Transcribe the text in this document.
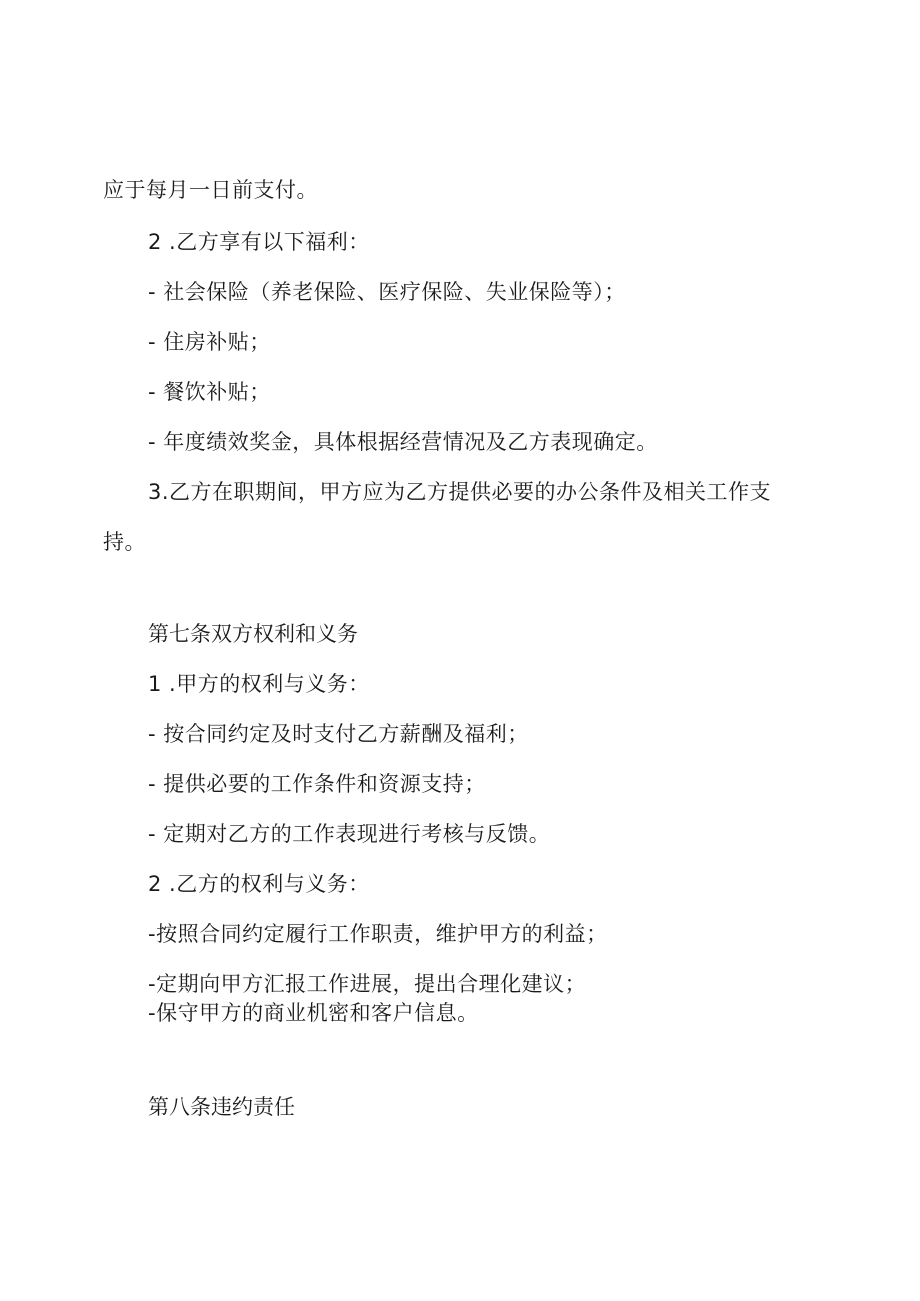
应于每月一日前支付。
2 .乙方享有以下福利：
- 社会保险（养老保险、医疗保险、失业保险等）；
- 住房补贴；
- 餐饮补贴；
- 年度绩效奖金，具体根据经营情况及乙方表现确定。
3.乙方在职期间，甲方应为乙方提供必要的办公条件及相关工作支
持。
第七条双方权利和义务
1 .甲方的权利与义务：
- 按合同约定及时支付乙方薪酬及福利；
- 提供必要的工作条件和资源支持；
- 定期对乙方的工作表现进行考核与反馈。
2 .乙方的权利与义务：
-按照合同约定履行工作职责，维护甲方的利益；
-定期向甲方汇报工作进展，提出合理化建议；
-保守甲方的商业机密和客户信息。
第八条违约责任
